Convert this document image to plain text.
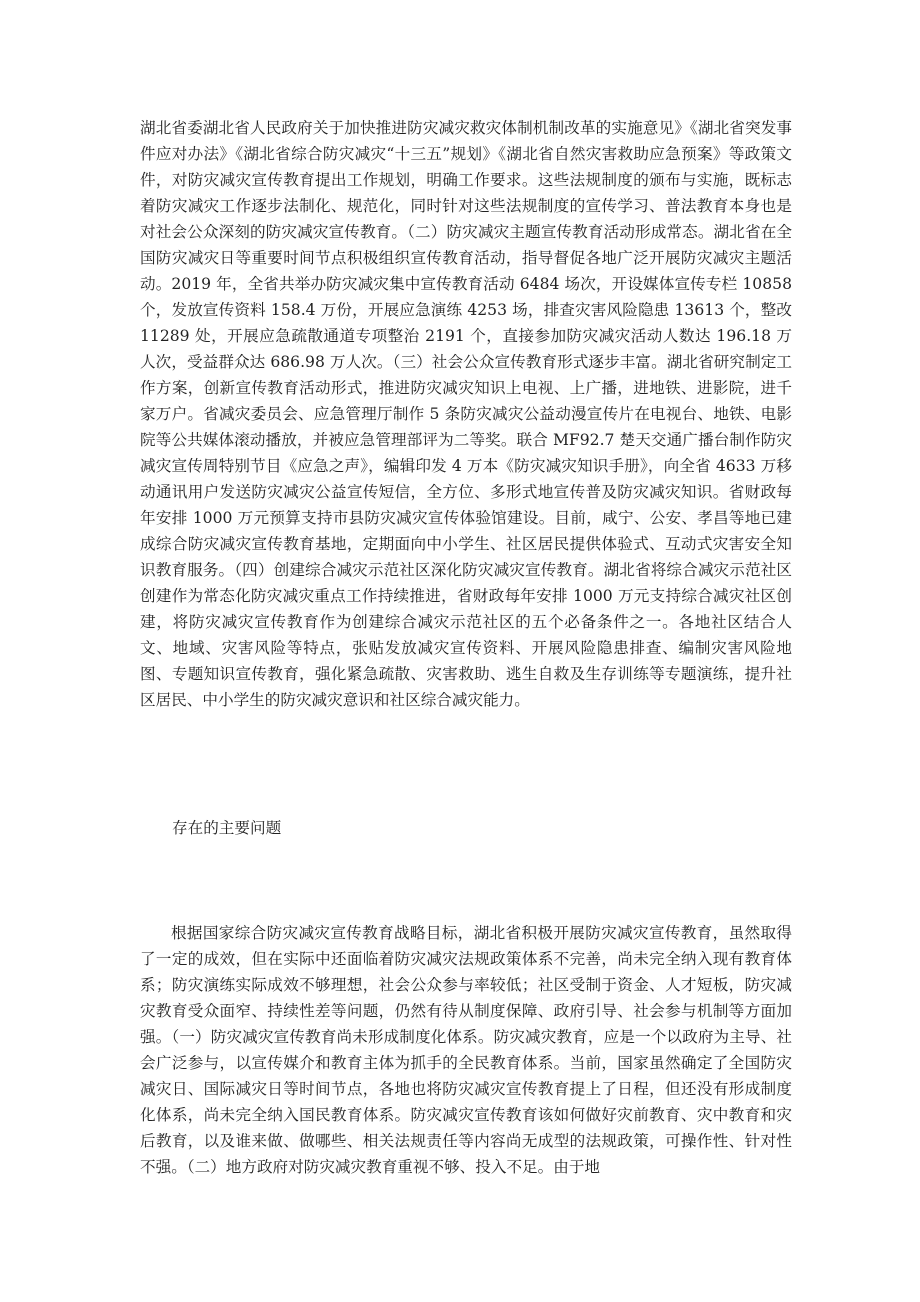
湖北省委湖北省人民政府关于加快推进防灾减灾救灾体制机制改革的实施意见》《湖北省突发事件应对办法》《湖北省综合防灾减灾“十三五”规划》《湖北省自然灾害救助应急预案》等政策文件，对防灾减灾宣传教育提出工作规划，明确工作要求。这些法规制度的颁布与实施，既标志着防灾减灾工作逐步法制化、规范化，同时针对这些法规制度的宣传学习、普法教育本身也是对社会公众深刻的防灾减灾宣传教育。（二）防灾减灾主题宣传教育活动形成常态。湖北省在全国防灾减灾日等重要时间节点积极组织宣传教育活动，指导督促各地广泛开展防灾减灾主题活动。2019 年，全省共举办防灾减灾集中宣传教育活动 6484 场次，开设媒体宣传专栏 10858 个，发放宣传资料 158.4 万份，开展应急演练 4253 场，排查灾害风险隐患 13613 个，整改 11289 处，开展应急疏散通道专项整治 2191 个，直接参加防灾减灾活动人数达 196.18 万人次，受益群众达 686.98 万人次。（三）社会公众宣传教育形式逐步丰富。湖北省研究制定工作方案，创新宣传教育活动形式，推进防灾减灾知识上电视、上广播，进地铁、进影院，进千家万户。省减灾委员会、应急管理厅制作 5 条防灾减灾公益动漫宣传片在电视台、地铁、电影院等公共媒体滚动播放，并被应急管理部评为二等奖。联合 MF92.7 楚天交通广播台制作防灾减灾宣传周特别节目《应急之声》，编辑印发 4 万本《防灾减灾知识手册》，向全省 4633 万移动通讯用户发送防灾减灾公益宣传短信，全方位、多形式地宣传普及防灾减灾知识。省财政每年安排 1000 万元预算支持市县防灾减灾宣传体验馆建设。目前，咸宁、公安、孝昌等地已建成综合防灾减灾宣传教育基地，定期面向中小学生、社区居民提供体验式、互动式灾害安全知识教育服务。（四）创建综合减灾示范社区深化防灾减灾宣传教育。湖北省将综合减灾示范社区创建作为常态化防灾减灾重点工作持续推进，省财政每年安排 1000 万元支持综合减灾社区创建，将防灾减灾宣传教育作为创建综合减灾示范社区的五个必备条件之一。各地社区结合人文、地域、灾害风险等特点，张贴发放减灾宣传资料、开展风险隐患排查、编制灾害风险地图、专题知识宣传教育，强化紧急疏散、灾害救助、逃生自救及生存训练等专题演练，提升社区居民、中小学生的防灾减灾意识和社区综合减灾能力。

存在的主要问题

根据国家综合防灾减灾宣传教育战略目标，湖北省积极开展防灾减灾宣传教育，虽然取得了一定的成效，但在实际中还面临着防灾减灾法规政策体系不完善，尚未完全纳入现有教育体系；防灾演练实际成效不够理想，社会公众参与率较低；社区受制于资金、人才短板，防灾减灾教育受众面窄、持续性差等问题，仍然有待从制度保障、政府引导、社会参与机制等方面加强。（一）防灾减灾宣传教育尚未形成制度化体系。防灾减灾教育，应是一个以政府为主导、社会广泛参与，以宣传媒介和教育主体为抓手的全民教育体系。当前，国家虽然确定了全国防灾减灾日、国际减灾日等时间节点，各地也将防灾减灾宣传教育提上了日程，但还没有形成制度化体系，尚未完全纳入国民教育体系。防灾减灾宣传教育该如何做好灾前教育、灾中教育和灾后教育，以及谁来做、做哪些、相关法规责任等内容尚无成型的法规政策，可操作性、针对性不强。（二）地方政府对防灾减灾教育重视不够、投入不足。由于地
